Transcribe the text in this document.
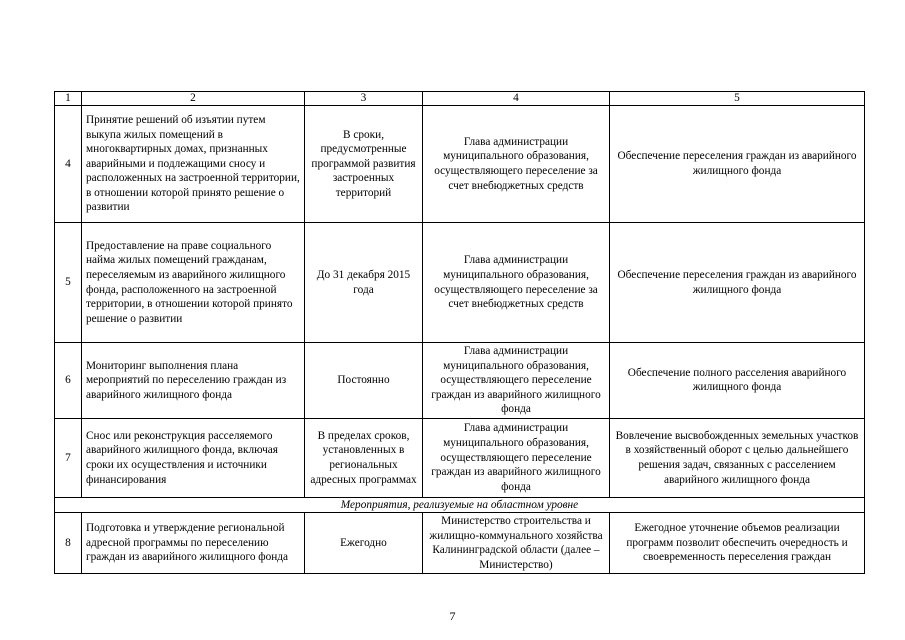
1	2	3	4	5
4	Принятие решений об изъятии путем выкупа жилых помещений в многоквартирных домах, признанных аварийными и подлежащими сносу и расположенных на застроенной территории, в отношении которой принято решение о развитии	В сроки, предусмотренные программой развития застроенных территорий	Глава администрации муниципального образования, осуществляющего переселение за счет внебюджетных средств	Обеспечение переселения граждан из аварийного жилищного фонда
5	Предоставление на праве социального найма жилых помещений гражданам, переселяемым из аварийного жилищного фонда, расположенного на застроенной территории, в отношении которой принято решение о развитии	До 31 декабря 2015 года	Глава администрации муниципального образования, осуществляющего переселение за счет внебюджетных средств	Обеспечение переселения граждан из аварийного жилищного фонда
6	Мониторинг выполнения плана мероприятий по переселению граждан из аварийного жилищного фонда	Постоянно	Глава администрации муниципального образования, осуществляющего переселение граждан из аварийного жилищного фонда	Обеспечение полного расселения аварийного жилищного фонда
7	Снос или реконструкция расселяемого аварийного жилищного фонда, включая сроки их осуществления и источники финансирования	В пределах сроков, установленных в региональных адресных программах	Глава администрации муниципального образования, осуществляющего переселение граждан из аварийного жилищного фонда	Вовлечение высвобожденных земельных участков в хозяйственный оборот с целью дальнейшего решения задач, связанных с расселением аварийного жилищного фонда
Мероприятия, реализуемые на областном уровне				
8	Подготовка и утверждение региональной адресной программы по переселению граждан из аварийного жилищного фонда	Ежегодно	Министерство строительства и жилищно-коммунального хозяйства Калининградской области (далее – Министерство)	Ежегодное уточнение объемов реализации программ позволит обеспечить очередность и своевременность переселения граждан
7
